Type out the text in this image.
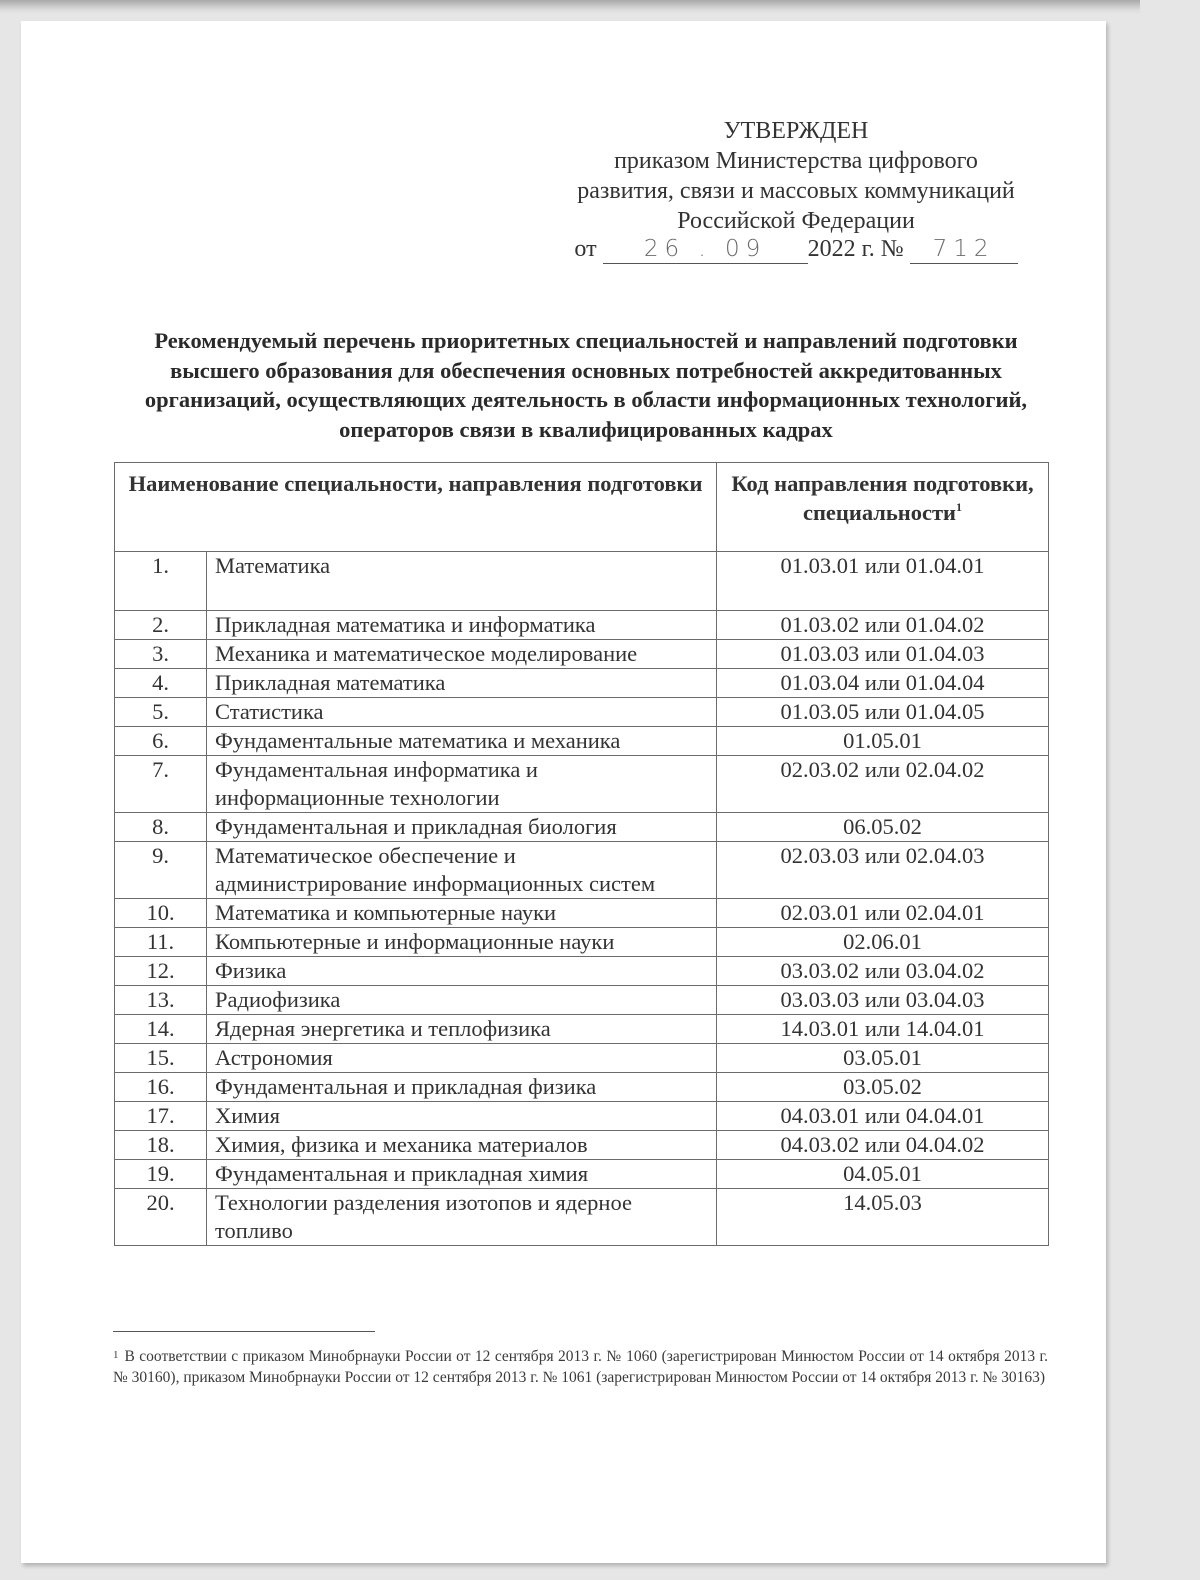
УТВЕРЖДЕН
приказом Министерства цифрового
развития, связи и массовых коммуникаций
Российской Федерации
от 26 . 09 2022 г. № 712
Рекомендуемый перечень приоритетных специальностей и направлений подготовки высшего образования для обеспечения основных потребностей аккредитованных организаций, осуществляющих деятельность в области информационных технологий, операторов связи в квалифицированных кадрах
Наименование специальности, направления подготовки		Код направления подготовки, специальности$^1$
1.	Математика	01.03.01 или 01.04.01
2.	Прикладная математика и информатика	01.03.02 или 01.04.02
3.	Механика и математическое моделирование	01.03.03 или 01.04.03
4.	Прикладная математика	01.03.04 или 01.04.04
5.	Статистика	01.03.05 или 01.04.05
6.	Фундаментальные математика и механика	01.05.01
7.	Фундаментальная информатика и информационные технологии	02.03.02 или 02.04.02
8.	Фундаментальная и прикладная биология	06.05.02
9.	Математическое обеспечение и администрирование информационных систем	02.03.03 или 02.04.03
10.	Математика и компьютерные науки	02.03.01 или 02.04.01
11.	Компьютерные и информационные науки	02.06.01
12.	Физика	03.03.02 или 03.04.02
13.	Радиофизика	03.03.03 или 03.04.03
14.	Ядерная энергетика и теплофизика	14.03.01 или 14.04.01
15.	Астрономия	03.05.01
16.	Фундаментальная и прикладная физика	03.05.02
17.	Химия	04.03.01 или 04.04.01
18.	Химия, физика и механика материалов	04.03.02 или 04.04.02
19.	Фундаментальная и прикладная химия	04.05.01
20.	Технологии разделения изотопов и ядерное топливо	14.05.03
$^1$ В соответствии с приказом Минобрнауки России от 12 сентября 2013 г. № 1060 (зарегистрирован Минюстом России от 14 октября 2013 г. № 30160), приказом Минобрнауки России от 12 сентября 2013 г. № 1061 (зарегистрирован Минюстом России от 14 октября 2013 г. № 30163)
